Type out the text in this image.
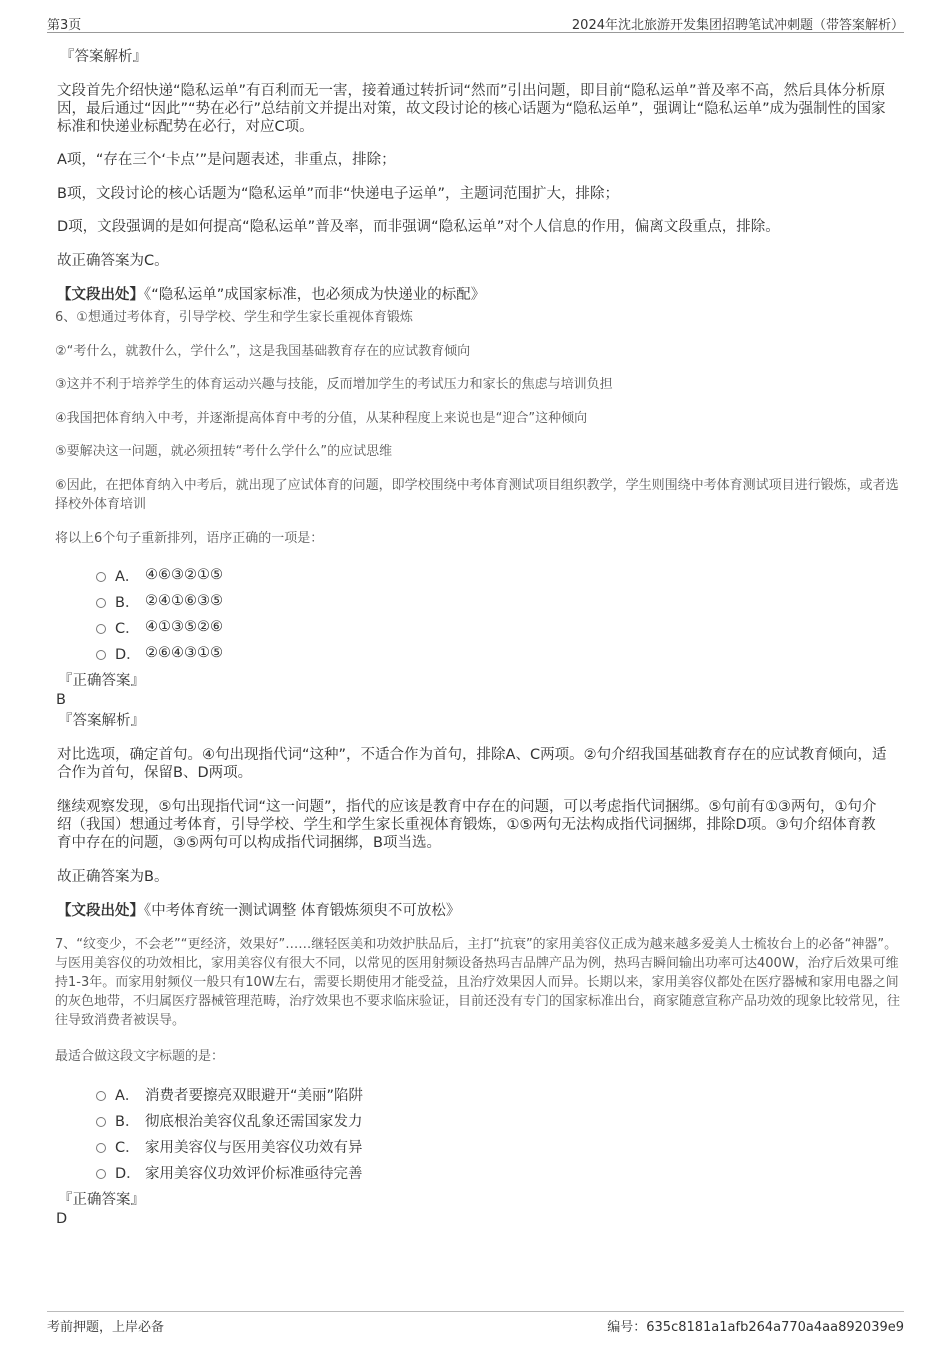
第3页	2024年沈北旅游开发集团招聘笔试冲刺题（带答案解析）
『答案解析』
文段首先介绍快递“隐私运单”有百利而无一害，接着通过转折词“然而”引出问题，即目前“隐私运单”普及率不高，然后具体分析原因，最后通过“因此”“势在必行”总结前文并提出对策，故文段讨论的核心话题为“隐私运单”，强调让“隐私运单”成为强制性的国家标准和快递业标配势在必行，对应C项。
A项，“存在三个‘卡点’”是问题表述，非重点，排除；
B项，文段讨论的核心话题为“隐私运单”而非“快递电子运单”，主题词范围扩大，排除；
D项，文段强调的是如何提高“隐私运单”普及率，而非强调“隐私运单”对个人信息的作用，偏离文段重点，排除。
故正确答案为C。
【文段出处】《“隐私运单”成国家标准，也必须成为快递业的标配》
6、①想通过考体育，引导学校、学生和学生家长重视体育锻炼
②“考什么，就教什么，学什么”，这是我国基础教育存在的应试教育倾向
③这并不利于培养学生的体育运动兴趣与技能，反而增加学生的考试压力和家长的焦虑与培训负担
④我国把体育纳入中考，并逐渐提高体育中考的分值，从某种程度上来说也是“迎合”这种倾向
⑤要解决这一问题，就必须扭转“考什么学什么”的应试思维
⑥因此，在把体育纳入中考后，就出现了应试体育的问题，即学校围绕中考体育测试项目组织教学，学生则围绕中考体育测试项目进行锻炼，或者选择校外体育培训
将以上6个句子重新排列，语序正确的一项是：
A． ④⑥③②①⑤
B． ②④①⑥③⑤
C． ④①③⑤②⑥
D． ②⑥④③①⑤
『正确答案』
B
『答案解析』
对比选项，确定首句。④句出现指代词“这种”，不适合作为首句，排除A、C两项。②句介绍我国基础教育存在的应试教育倾向，适合作为首句，保留B、D两项。
继续观察发现，⑤句出现指代词“这一问题”，指代的应该是教育中存在的问题，可以考虑指代词捆绑。⑤句前有①③两句，①句介绍（我国）想通过考体育，引导学校、学生和学生家长重视体育锻炼，①⑤两句无法构成指代词捆绑，排除D项。③句介绍体育教育中存在的问题，③⑤两句可以构成指代词捆绑，B项当选。
故正确答案为B。
【文段出处】《中考体育统一测试调整 体育锻炼须臾不可放松》
7、“纹变少，不会老”“更经济，效果好”……继轻医美和功效护肤品后，主打“抗衰”的家用美容仪正成为越来越多爱美人士梳妆台上的必备“神器”。与医用美容仪的功效相比，家用美容仪有很大不同，以常见的医用射频设备热玛吉品牌产品为例，热玛吉瞬间输出功率可达400W，治疗后效果可维持1-3年。而家用射频仪一般只有10W左右，需要长期使用才能受益，且治疗效果因人而异。长期以来，家用美容仪都处在医疗器械和家用电器之间的灰色地带，不归属医疗器械管理范畴，治疗效果也不要求临床验证，目前还没有专门的国家标准出台，商家随意宣称产品功效的现象比较常见，往往导致消费者被误导。
最适合做这段文字标题的是：
A． 消费者要擦亮双眼避开“美丽”陷阱
B． 彻底根治美容仪乱象还需国家发力
C． 家用美容仪与医用美容仪功效有异
D． 家用美容仪功效评价标准亟待完善
『正确答案』
D
考前押题，上岸必备	编号：635c8181a1afb264a770a4aa892039e9
